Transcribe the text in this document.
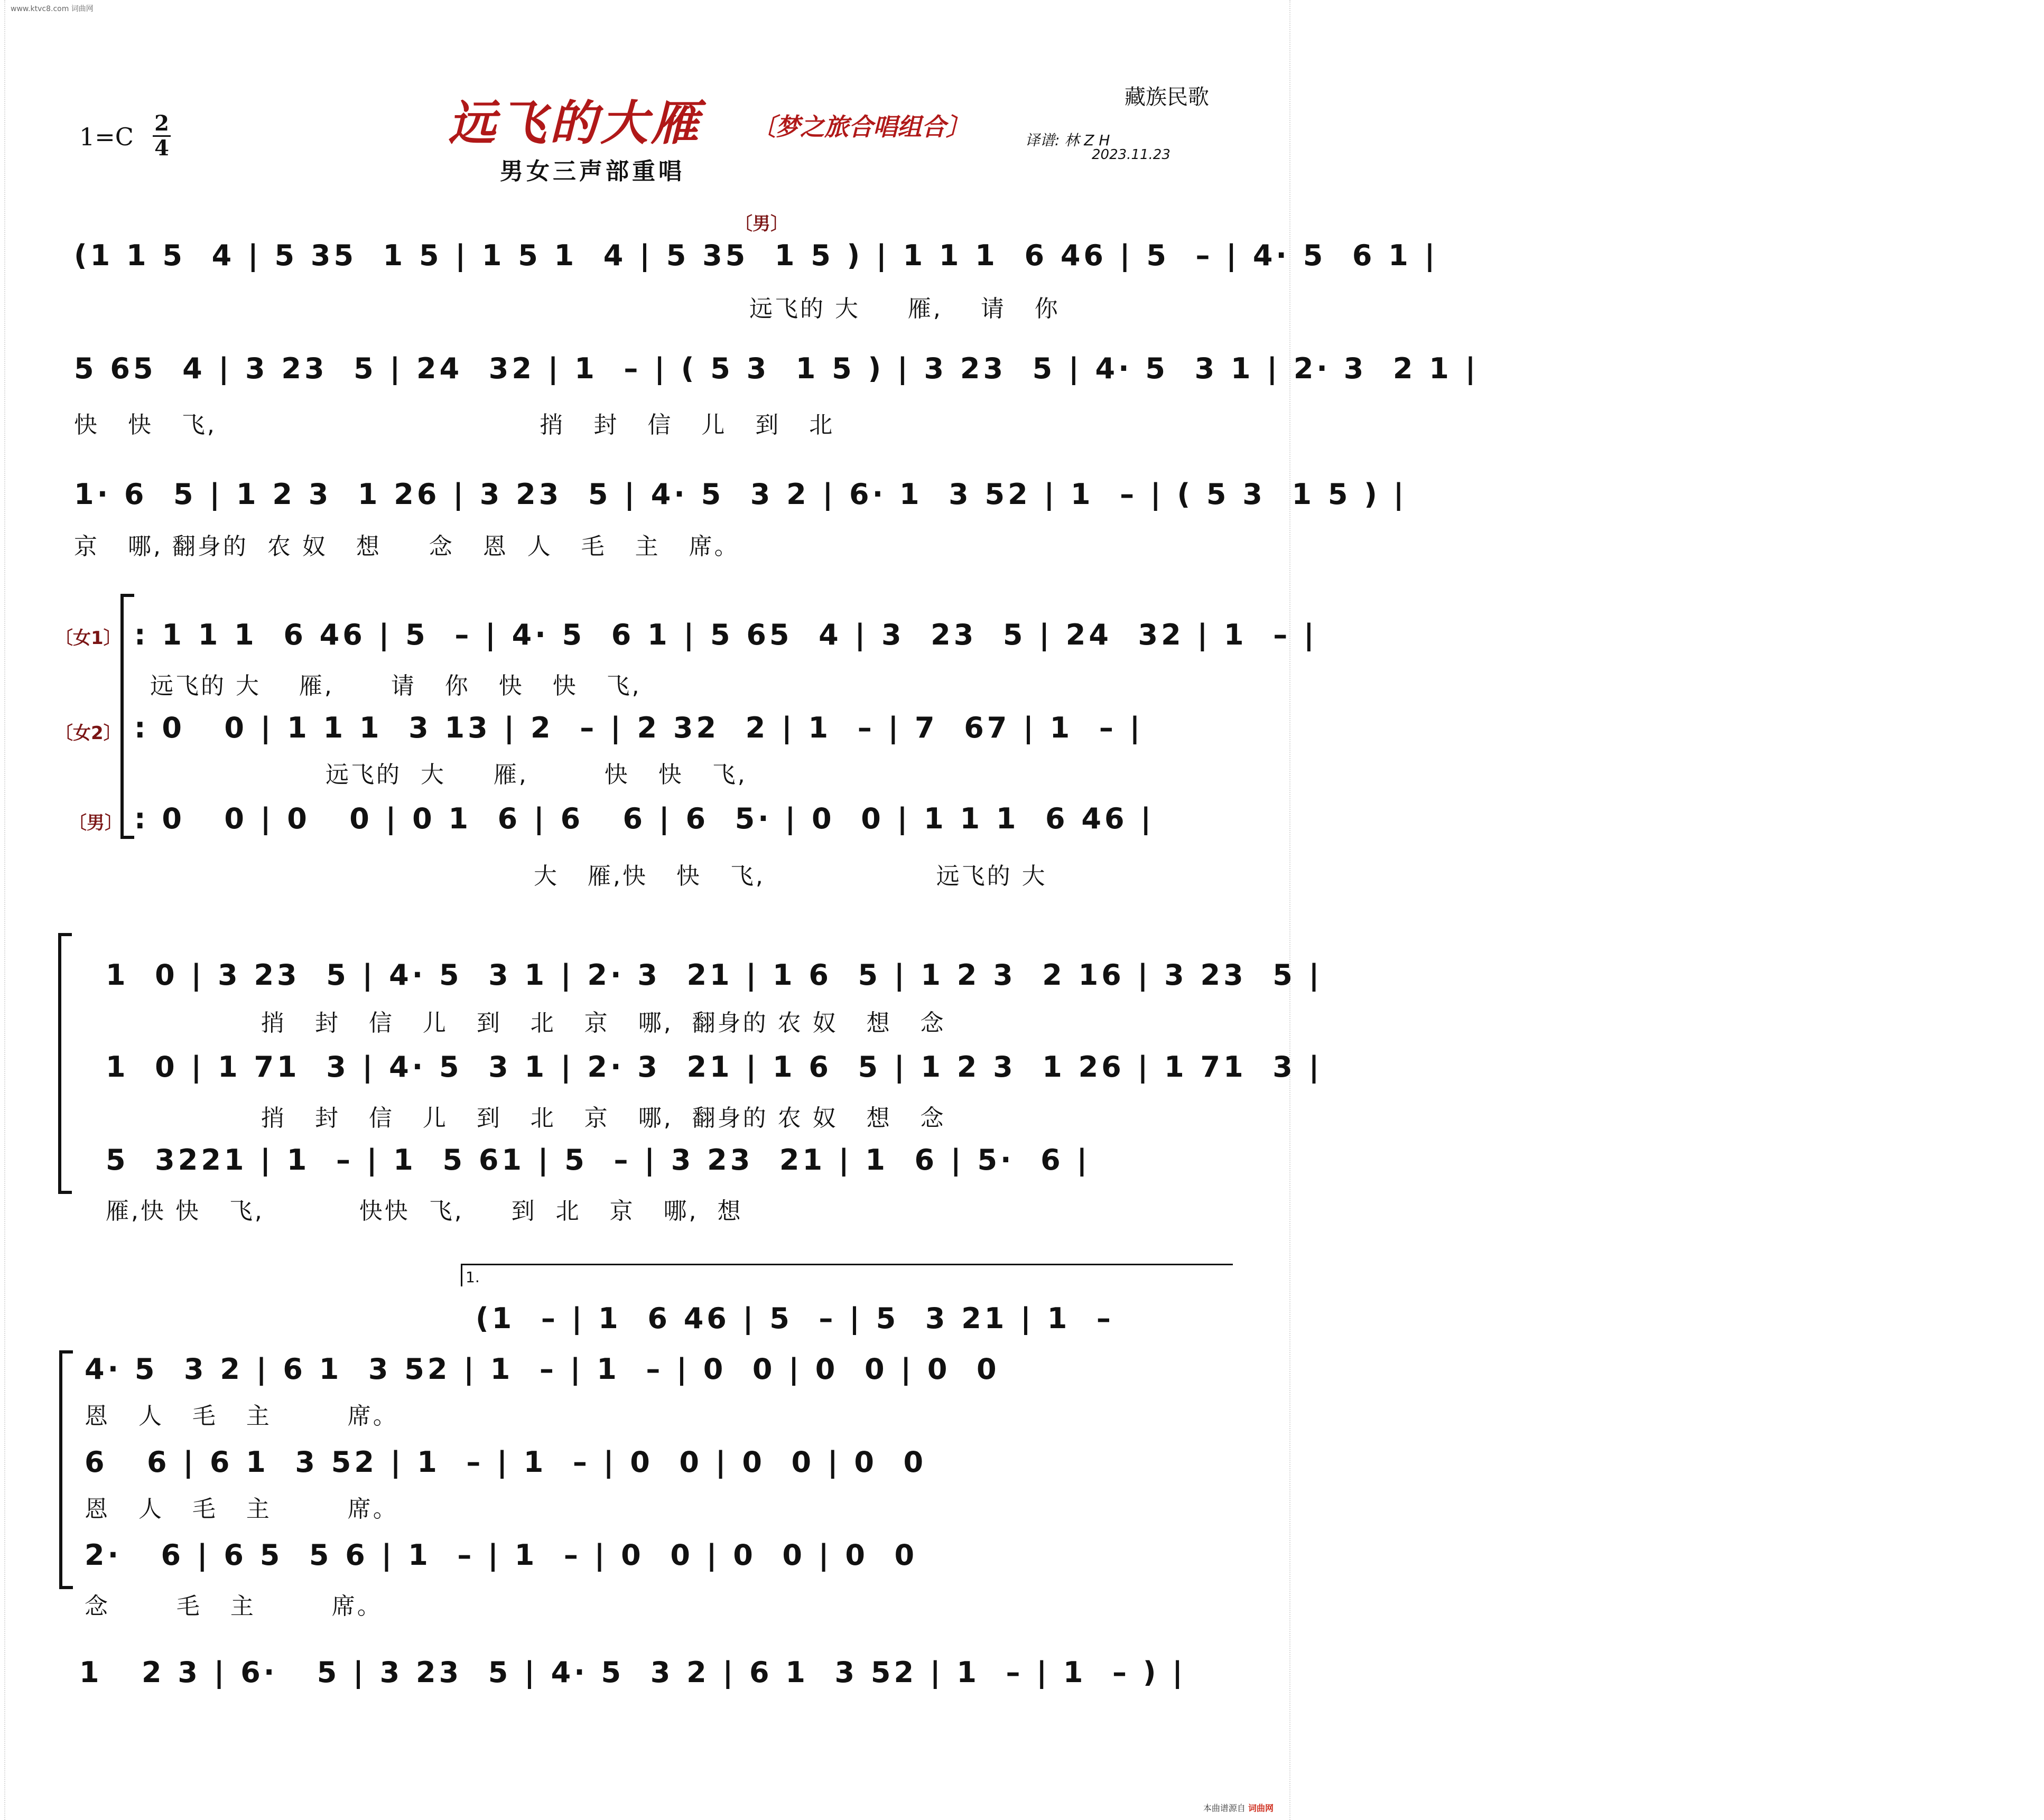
www.ktvc8.com 词曲网
1=C 2
4	远飞的大雁 〔梦之旅合唱组合〕
藏族民歌
男女三声部重唱
译谱: 林 Z H
2023.11.23
〔男〕
(1 1 5  4 | 5 35  1 5 | 1 5 1  4 | 5 35  1 5 ) | 1 1 1  6 46 | 5  – | 4· 5  6 1 |
远飞的 大     雁,    请   你
5 65  4 | 3 23  5 | 24  32 | 1  – | ( 5 3  1 5 ) | 3 23  5 | 4· 5  3 1 | 2· 3  2 1 |
快   快   飞,                                  捎   封   信   儿   到   北
1· 6  5 | 1 2 3  1 26 | 3 23  5 | 4· 5  3 2 | 6· 1  3 52 | 1  – | ( 5 3  1 5 ) |
京   哪, 翻身的  农 奴   想     念   恩  人   毛   主   席。
〔女1〕
〔女2〕
〔男〕
: 1 1 1  6 46 | 5  – | 4· 5  6 1 | 5 65  4 | 3  23  5 | 24  32 | 1  – |
远飞的 大    雁,      请   你   快   快   飞,
: 0   0 | 1 1 1  3 13 | 2  – | 2 32  2 | 1  – | 7  67 | 1  – |
远飞的  大     雁,        快   快   飞,
: 0   0 | 0   0 | 0 1  6 | 6   6 | 6  5· | 0  0 | 1 1 1  6 46 |
大   雁,快   快   飞,                  远飞的 大
1  0 | 3 23  5 | 4· 5  3 1 | 2· 3  21 | 1 6  5 | 1 2 3  2 16 | 3 23  5 |
捎   封   信   儿   到   北   京   哪,  翻身的 农 奴   想   念
1  0 | 1 71  3 | 4· 5  3 1 | 2· 3  21 | 1 6  5 | 1 2 3  1 26 | 1 71  3 |
捎   封   信   儿   到   北   京   哪,  翻身的 农 奴   想   念
5  3221 | 1  – | 1  5 61 | 5  – | 3 23  21 | 1  6 | 5·  6 |
雁,快 快   飞,          快快  飞,     到  北   京   哪,  想
1.
(1  – | 1  6 46 | 5  – | 5  3 21 | 1  –
4· 5  3 2 | 6 1  3 52 | 1  – | 1  – | 0  0 | 0  0 | 0  0
恩   人   毛   主        席。
6   6 | 6 1  3 52 | 1  – | 1  – | 0  0 | 0  0 | 0  0
恩   人   毛   主        席。
2·   6 | 6 5  5 6 | 1  – | 1  – | 0  0 | 0  0 | 0  0
念       毛   主        席。
1   2 3 | 6·   5 | 3 23  5 | 4· 5  3 2 | 6 1  3 52 | 1  – | 1  – ) |
本曲谱源自 词曲网
